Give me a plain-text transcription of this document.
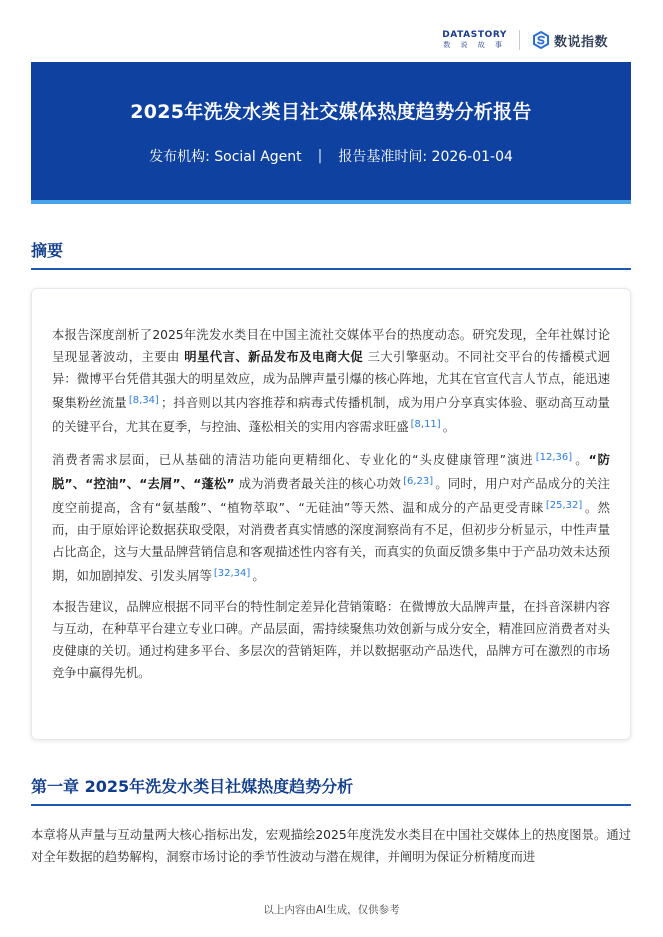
DATASTORY
数 说 故 事	数说指数
2025年洗发水类目社交媒体热度趋势分析报告
发布机构: Social Agent | 报告基准时间: 2026-01-04
摘要

本报告深度剖析了2025年洗发水类目在中国主流社交媒体平台的热度动态。研究发现，全年社媒讨论呈现显著波动，主要由 明星代言、新品发布及电商大促 三大引擎驱动。不同社交平台的传播模式迥异：微博平台凭借其强大的明星效应，成为品牌声量引爆的核心阵地，尤其在官宣代言人节点，能迅速聚集粉丝流量 [8,34] ；抖音则以其内容推荐和病毒式传播机制，成为用户分享真实体验、驱动高互动量的关键平台，尤其在夏季，与控油、蓬松相关的实用内容需求旺盛 [8,11] 。

消费者需求层面，已从基础的清洁功能向更精细化、专业化的“头皮健康管理”演进 [12,36] 。“防脱”、“控油”、“去屑”、“蓬松” 成为消费者最关注的核心功效 [6,23] 。同时，用户对产品成分的关注度空前提高，含有“氨基酸”、“植物萃取”、“无硅油”等天然、温和成分的产品更受青睐 [25,32] 。然而，由于原始评论数据获取受限，对消费者真实情感的深度洞察尚有不足，但初步分析显示，中性声量占比高企，这与大量品牌营销信息和客观描述性内容有关，而真实的负面反馈多集中于产品功效未达预期，如加剧掉发、引发头屑等 [32,34] 。

本报告建议，品牌应根据不同平台的特性制定差异化营销策略：在微博放大品牌声量，在抖音深耕内容与互动，在种草平台建立专业口碑。产品层面，需持续聚焦功效创新与成分安全，精准回应消费者对头皮健康的关切。通过构建多平台、多层次的营销矩阵，并以数据驱动产品迭代，品牌方可在激烈的市场竞争中赢得先机。

第一章 2025年洗发水类目社媒热度趋势分析
本章将从声量与互动量两大核心指标出发，宏观描绘2025年度洗发水类目在中国社交媒体上的热度图景。通过对全年数据的趋势解构，洞察市场讨论的季节性波动与潜在规律，并阐明为保证分析精度而进
以上内容由AI生成，仅供参考
